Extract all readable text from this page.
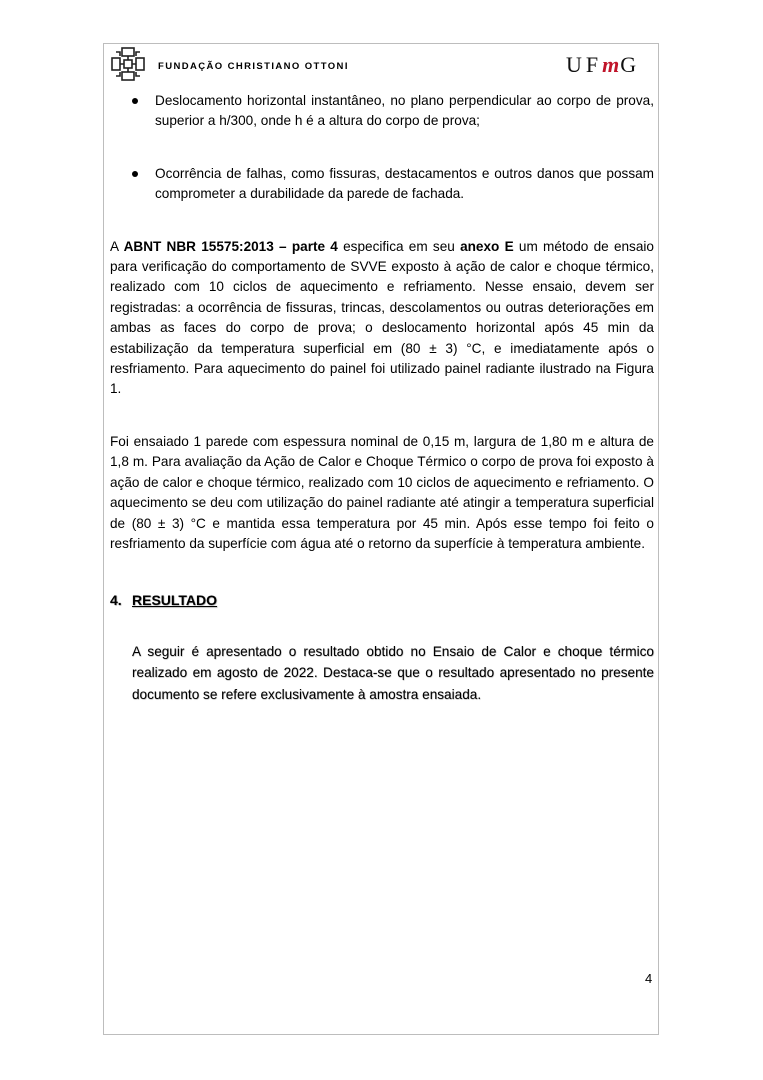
FUNDAÇÃO CHRISTIANO OTTONI	UFmG
Deslocamento horizontal instantâneo, no plano perpendicular ao corpo de prova, superior a h/300, onde h é a altura do corpo de prova;
Ocorrência de falhas, como fissuras, destacamentos e outros danos que possam comprometer a durabilidade da parede de fachada.

A ABNT NBR 15575:2013 – parte 4 especifica em seu anexo E um método de ensaio para verificação do comportamento de SVVE exposto à ação de calor e choque térmico, realizado com 10 ciclos de aquecimento e refriamento. Nesse ensaio, devem ser registradas: a ocorrência de fissuras, trincas, descolamentos ou outras deteriorações em ambas as faces do corpo de prova; o deslocamento horizontal após 45 min da estabilização da temperatura superficial em (80 ± 3) °C, e imediatamente após o resfriamento. Para aquecimento do painel foi utilizado painel radiante ilustrado na Figura 1.

Foi ensaiado 1 parede com espessura nominal de 0,15 m, largura de 1,80 m e altura de 1,8 m. Para avaliação da Ação de Calor e Choque Térmico o corpo de prova foi exposto à ação de calor e choque térmico, realizado com 10 ciclos de aquecimento e refriamento. O aquecimento se deu com utilização do painel radiante até atingir a temperatura superficial de (80 ± 3) °C e mantida essa temperatura por 45 min. Após esse tempo foi feito o resfriamento da superfície com água até o retorno da superfície à temperatura ambiente.

4. RESULTADO

A seguir é apresentado o resultado obtido no Ensaio de Calor e choque térmico realizado em agosto de 2022. Destaca-se que o resultado apresentado no presente documento se refere exclusivamente à amostra ensaiada.

4
